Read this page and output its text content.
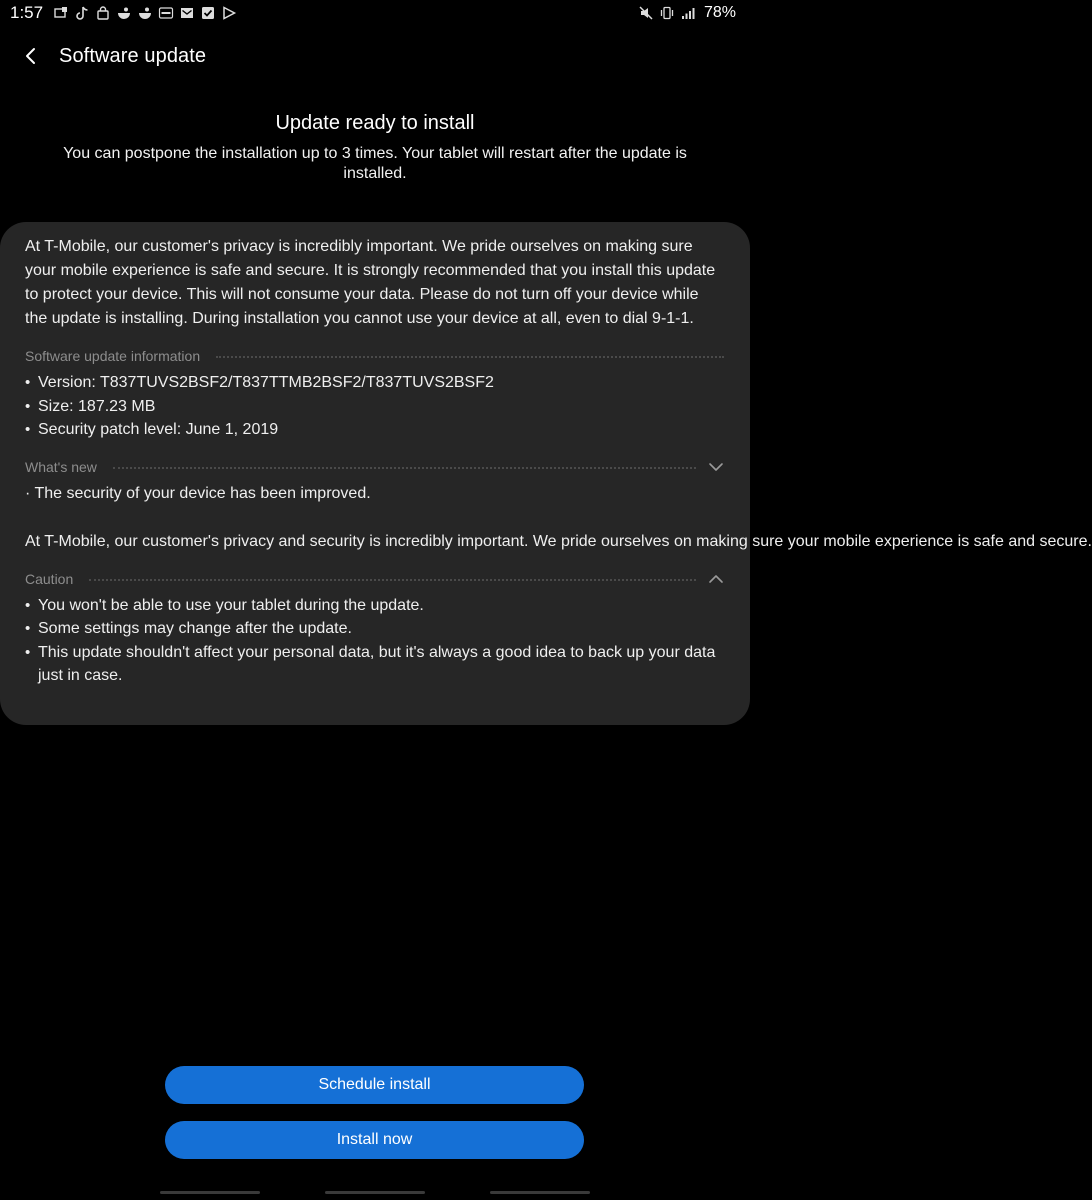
1:57	78%
Software update
Update ready to install
You can postpone the installation up to 3 times. Your tablet will restart after the update is installed.

At T-Mobile, our customer's privacy is incredibly important. We pride ourselves on making sure your mobile experience is safe and secure. It is strongly recommended that you install this update to protect your device. This will not consume your data. Please do not turn off your device while the update is installing. During installation you cannot use your device at all, even to dial 9-1-1.

Software update information
• Version: T837TUVS2BSF2/T837TTMB2BSF2/T837TUVS2BSF2
• Size: 187.23 MB
• Security patch level: June 1, 2019
What's new
· The security of your device has been improved.
At T-Mobile, our customer's privacy and security is incredibly important. We pride ourselves on making sure your mobile experience is safe and secure.
Caution
• You won't be able to use your tablet during the update.
• Some settings may change after the update.
• This update shouldn't affect your personal data, but it's always a good idea to back up your data just in case.
Schedule install
Install now
